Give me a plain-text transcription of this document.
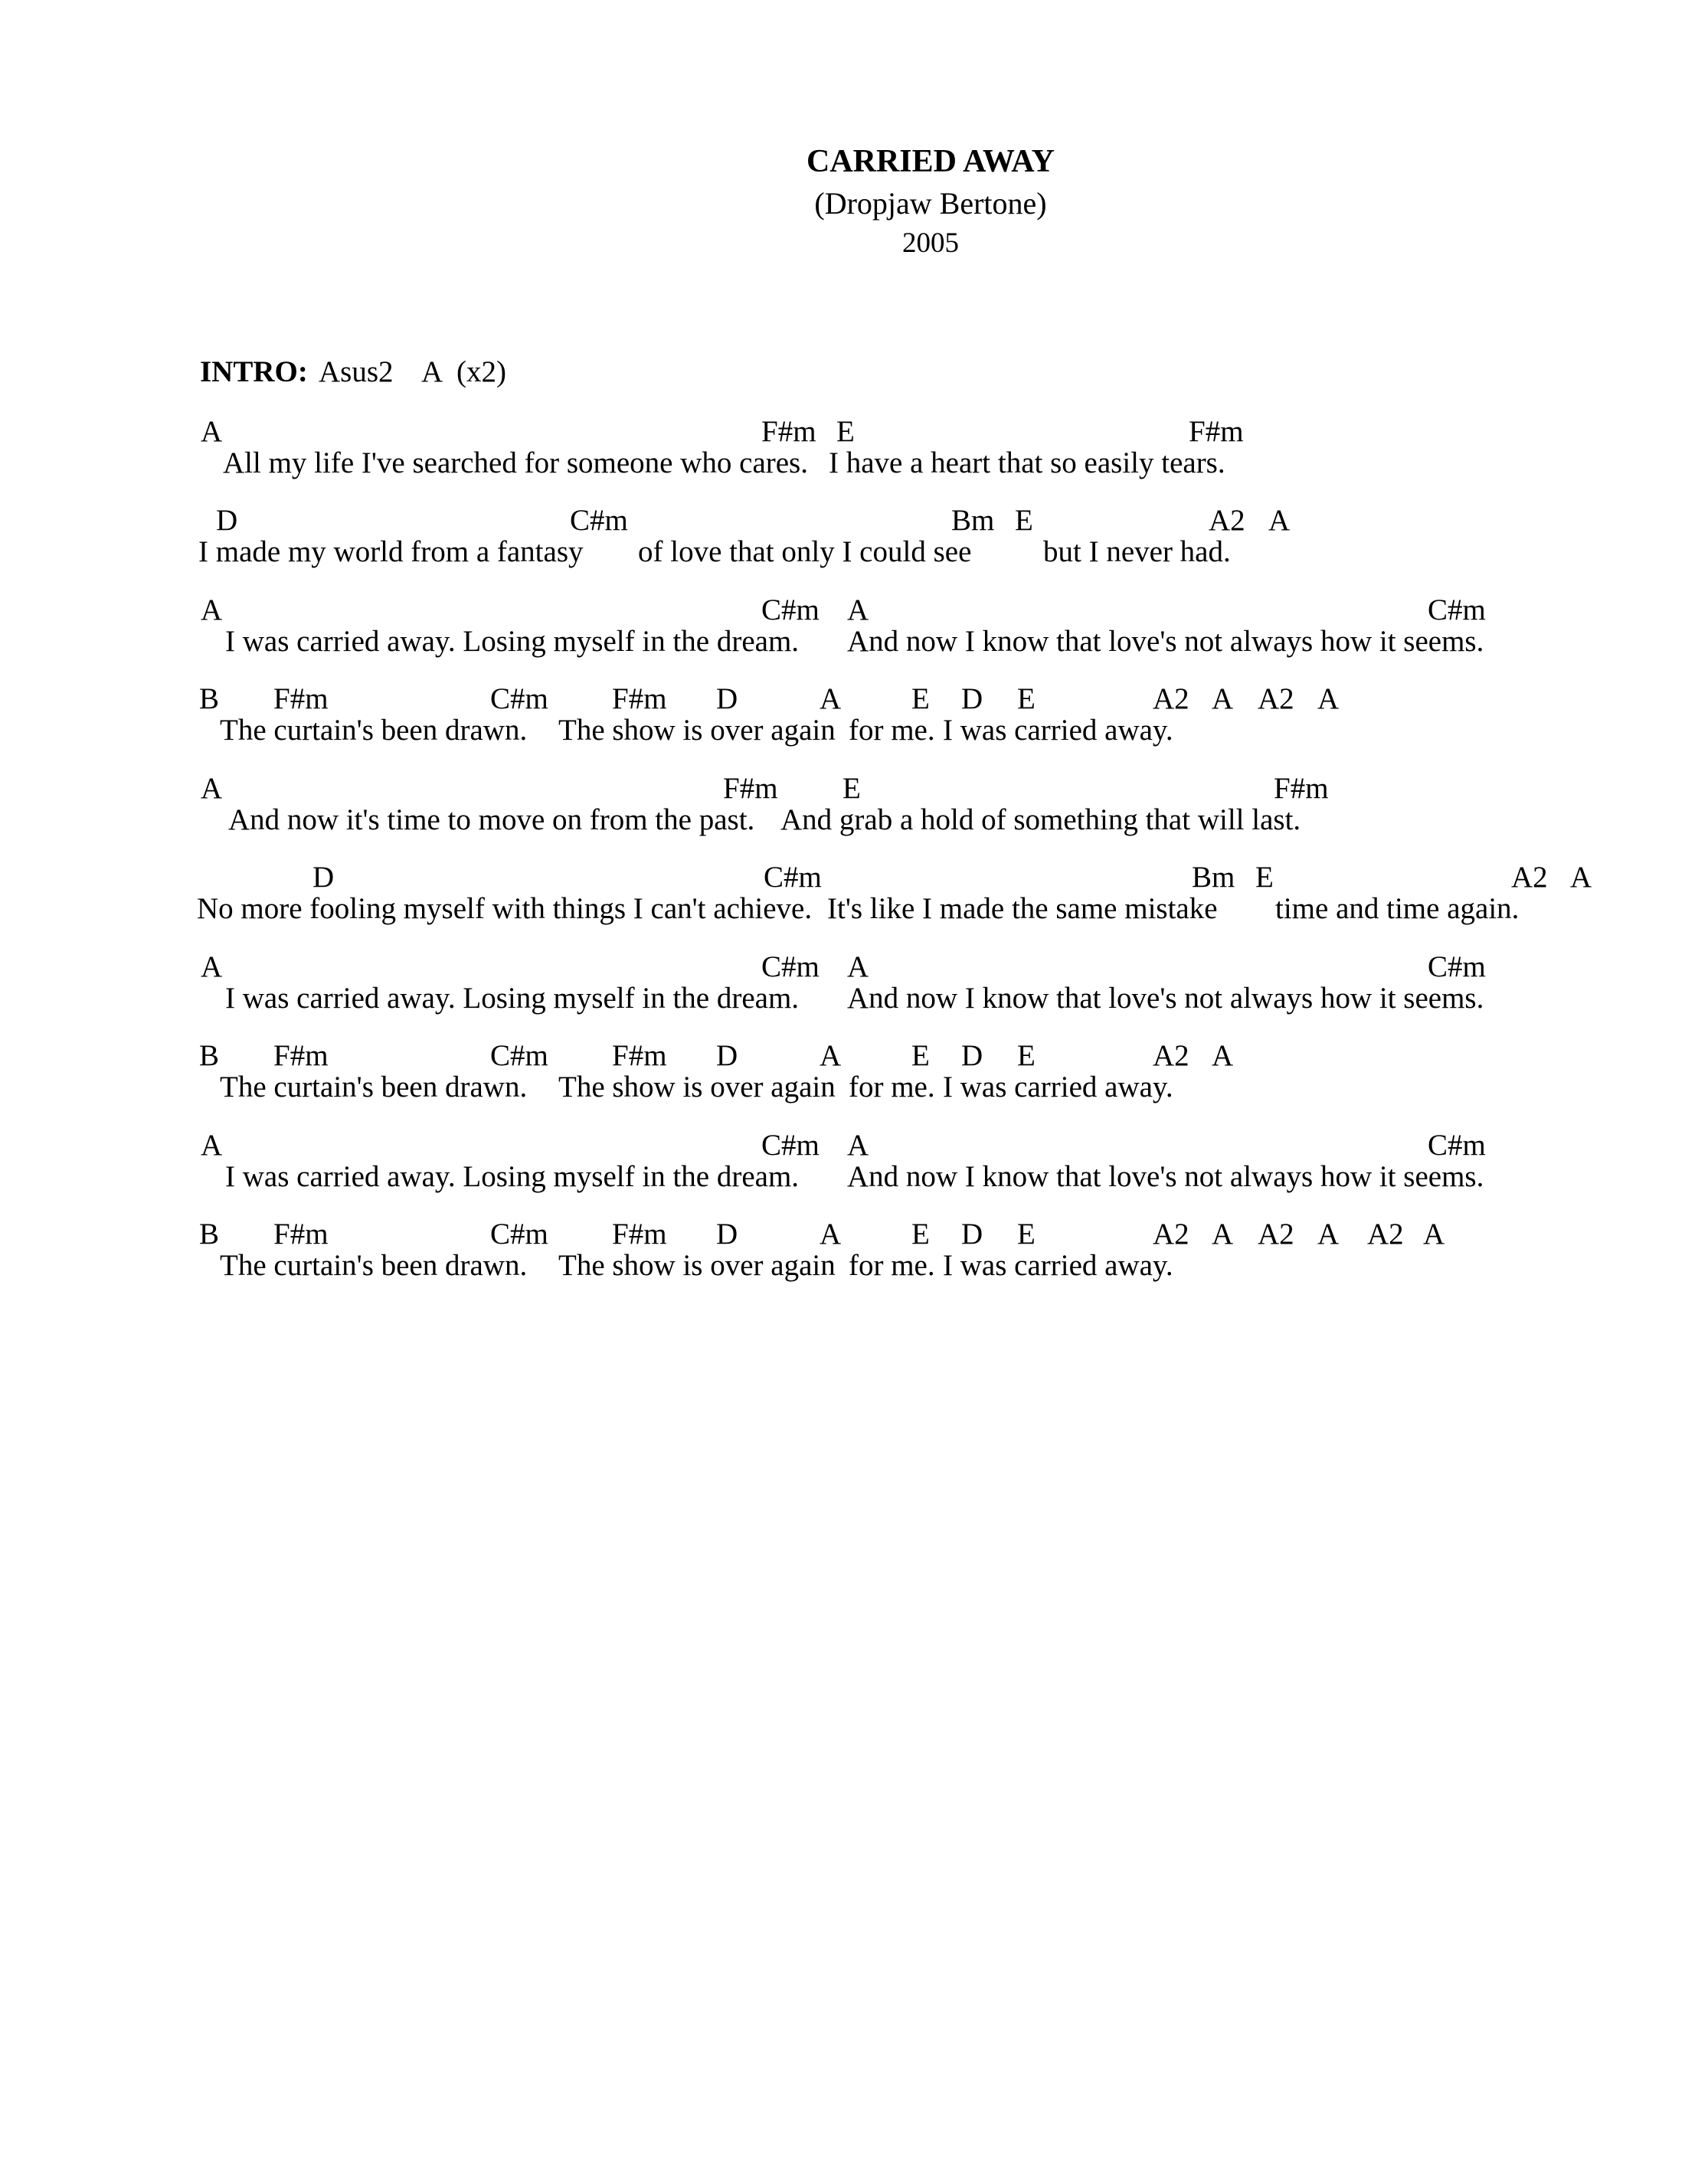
CARRIED AWAY
(Dropjaw Bertone)
2005
INTRO: Asus2 A (x2)
A	F#m E	F#m
All my life I've searched for someone who cares. I have a heart that so easily tears.
D	C#m	Bm E	A2 A
I made my world from a fantasy of love that only I could see but I never had.
A	C#m A	C#m
I was carried away. Losing myself in the dream. And now I know that love's not always how it seems.
B F#m	C#m F#m D	A E D E	A2 A A2 A
The curtain's been drawn. The show is over again for me. I was carried away.
A	F#m E	F#m
And now it's time to move on from the past. And grab a hold of something that will last.
D	C#m	Bm E	A2 A
No more fooling myself with things I can't achieve. It's like I made the same mistake time and time again.
A	C#m A	C#m
I was carried away. Losing myself in the dream. And now I know that love's not always how it seems.
B F#m	C#m F#m D	A E D E	A2 A
The curtain's been drawn. The show is over again for me. I was carried away.
A	C#m A	C#m
I was carried away. Losing myself in the dream. And now I know that love's not always how it seems.
B F#m	C#m F#m D	A E D E	A2 A A2 A A2 A
The curtain's been drawn. The show is over again for me. I was carried away.
